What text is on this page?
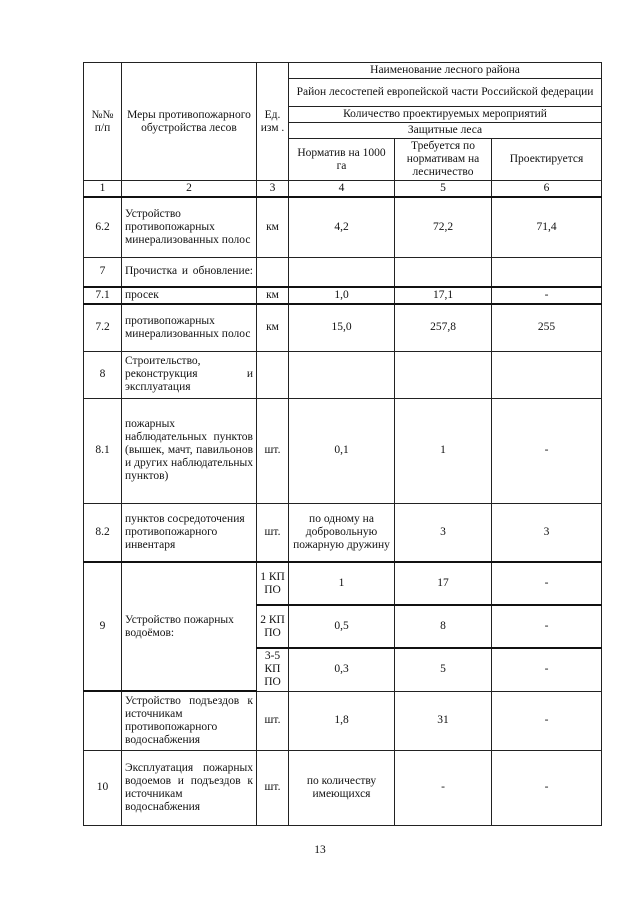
№№ п/п	Меры противопожарного обустройства лесов	Ед. изм .	Наименование лесного района		
			Район лесостепей европейской части Российской федерации		
			Количество проектируемых мероприятий		
			Защитные леса		
			Норматив на 1000 га	Требуется по нормативам на лесничество	Проектируется
1	2	3	4	5	6
6.2	Устройство противопожарных минерализованных полос	км	4,2	72,2	71,4
7	Прочистка и обновление:				
7.1	просек	км	1,0	17,1	-
7.2	противопожарных минерализованных полос	км	15,0	257,8	255
8	Строительство, реконструкция и эксплуатация				
8.1	пожарных наблюдательных пунктов (вышек, мачт, павильонов и других наблюдательных пунктов)	шт.	0,1	1	-
8.2	пунктов сосредоточения противопожарного инвентаря	шт.	по одному на добровольную пожарную дружину	3	3
9	Устройство пожарных водоёмов:	1 КП ПО	1	17	-
		2 КП ПО	0,5	8	-
		3-5 КП ПО	0,3	5	-
	Устройство подъездов к источникам противопожарного водоснабжения	шт.	1,8	31	-
10	Эксплуатация пожарных водоемов и подъездов к источникам водоснабжения	шт.	по количеству имеющихся	-	-
13
